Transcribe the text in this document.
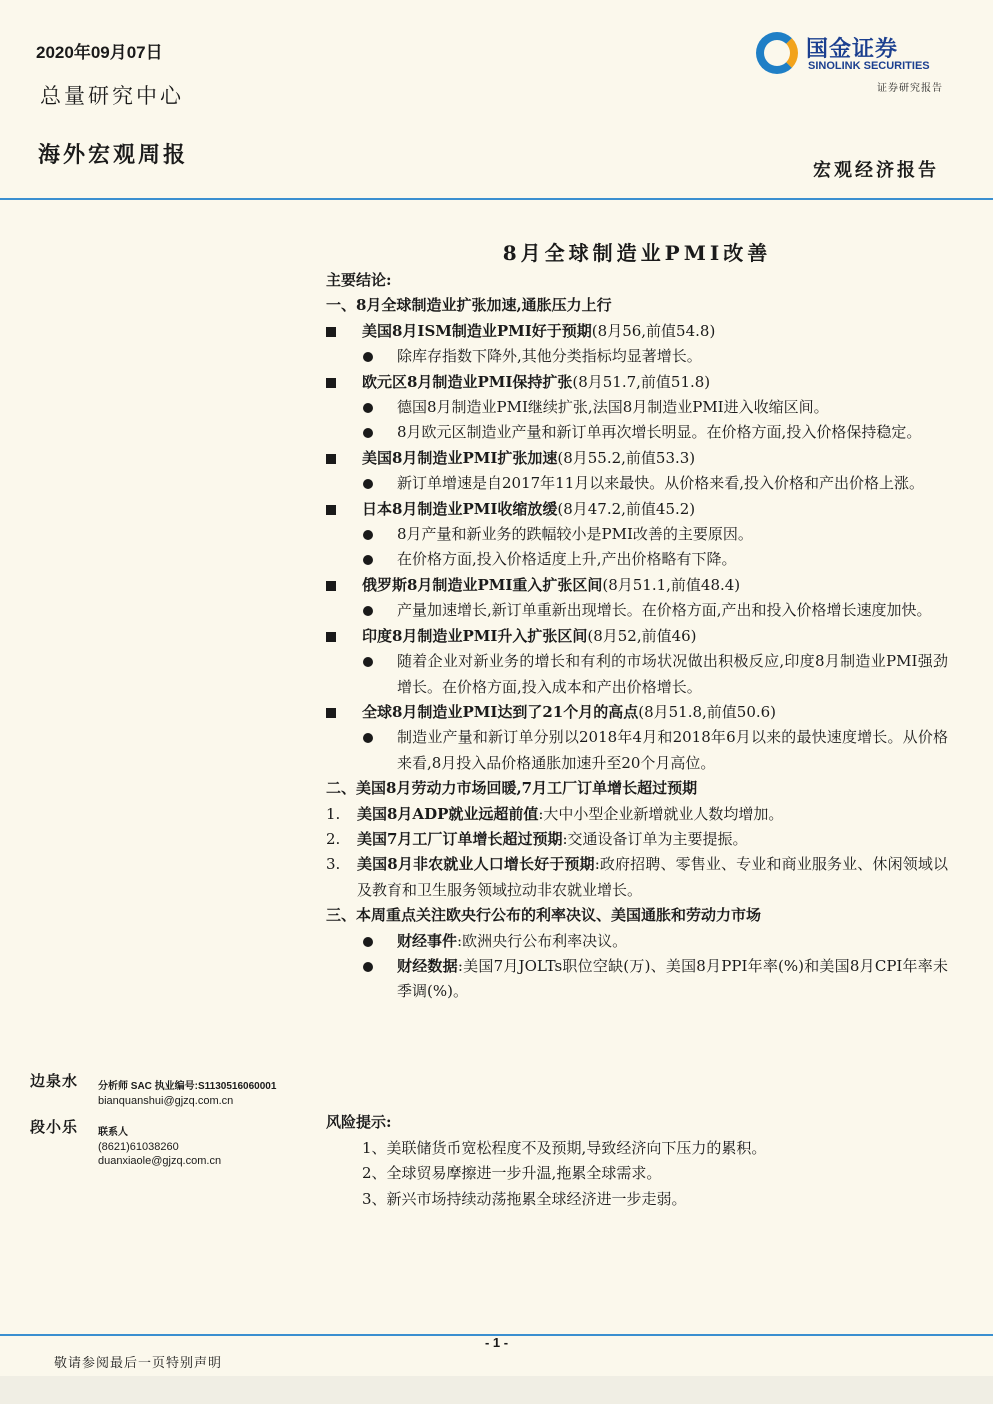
2020年09月07日
总量研究中心
海外宏观周报
宏观经济报告
国金证券
SINOLINK SECURITIES
证券研究报告
8月全球制造业PMI改善
主要结论:
一、8月全球制造业扩张加速,通胀压力上行
美国8月ISM制造业PMI好于预期(8月56,前值54.8)
除库存指数下降外,其他分类指标均显著增长。
欧元区8月制造业PMI保持扩张(8月51.7,前值51.8)
德国8月制造业PMI继续扩张,法国8月制造业PMI进入收缩区间。
8月欧元区制造业产量和新订单再次增长明显。在价格方面,投入价格保持稳定。
美国8月制造业PMI扩张加速(8月55.2,前值53.3)
新订单增速是自2017年11月以来最快。从价格来看,投入价格和产出价格上涨。
日本8月制造业PMI收缩放缓(8月47.2,前值45.2)
8月产量和新业务的跌幅较小是PMI改善的主要原因。
在价格方面,投入价格适度上升,产出价格略有下降。
俄罗斯8月制造业PMI重入扩张区间(8月51.1,前值48.4)
产量加速增长,新订单重新出现增长。在价格方面,产出和投入价格增长速度加快。
印度8月制造业PMI升入扩张区间(8月52,前值46)
随着企业对新业务的增长和有利的市场状况做出积极反应,印度8月制造业PMI强劲增长。在价格方面,投入成本和产出价格增长。
全球8月制造业PMI达到了21个月的高点(8月51.8,前值50.6)
制造业产量和新订单分别以2018年4月和2018年6月以来的最快速度增长。从价格来看,8月投入品价格通胀加速升至20个月高位。
二、美国8月劳动力市场回暖,7月工厂订单增长超过预期
1. 美国8月ADP就业远超前值:大中小型企业新增就业人数均增加。
2. 美国7月工厂订单增长超过预期:交通设备订单为主要提振。
3. 美国8月非农就业人口增长好于预期:政府招聘、零售业、专业和商业服务业、休闲领域以及教育和卫生服务领域拉动非农就业增长。
三、本周重点关注欧央行公布的利率决议、美国通胀和劳动力市场
财经事件:欧洲央行公布利率决议。
财经数据:美国7月JOLTs职位空缺(万)、美国8月PPI年率(%)和美国8月CPI年率未季调(%)。
风险提示:
1、美联储货币宽松程度不及预期,导致经济向下压力的累积。
2、全球贸易摩擦进一步升温,拖累全球需求。
3、新兴市场持续动荡拖累全球经济进一步走弱。
边泉水 分析师 SAC 执业编号:S1130516060001
bianquanshui@gjzq.com.cn
段小乐 联系人
(8621)61038260
duanxiaole@gjzq.com.cn
- 1 -
敬请参阅最后一页特别声明
